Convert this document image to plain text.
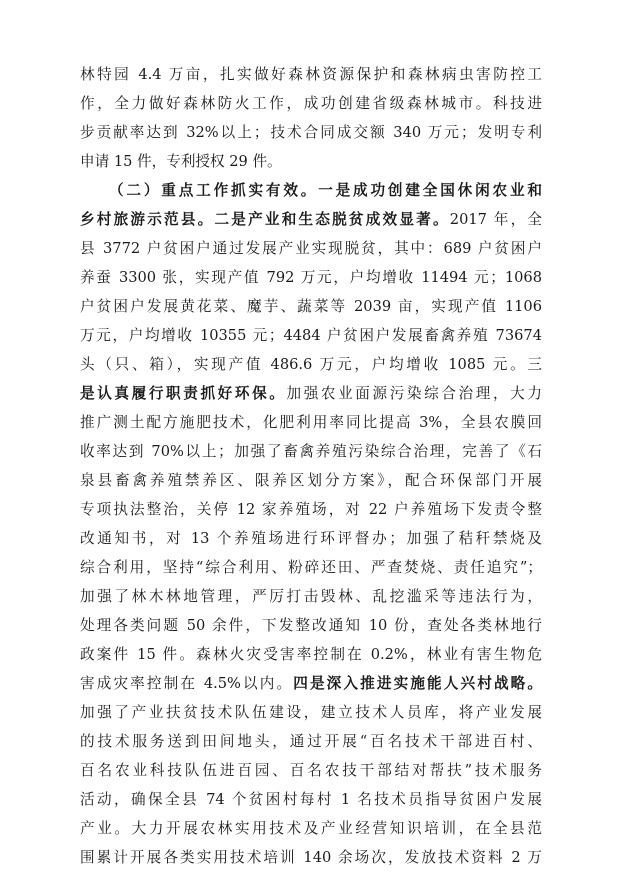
林特园 4.4 万亩，扎实做好森林资源保护和森林病虫害防控工
作，全力做好森林防火工作，成功创建省级森林城市。科技进
步贡献率达到 32%以上；技术合同成交额 340 万元；发明专利
申请 15 件，专利授权 29 件。
（二）重点工作抓实有效。一是成功创建全国休闲农业和
乡村旅游示范县。二是产业和生态脱贫成效显著。2017 年，全
县 3772 户贫困户通过发展产业实现脱贫，其中：689 户贫困户
养蚕 3300 张，实现产值 792 万元，户均增收 11494 元；1068
户贫困户发展黄花菜、魔芋、蔬菜等 2039 亩，实现产值 1106
万元，户均增收 10355 元；4484 户贫困户发展畜禽养殖 73674
头（只、箱），实现产值 486.6 万元，户均增收 1085 元。三
是认真履行职责抓好环保。加强农业面源污染综合治理，大力
推广测土配方施肥技术，化肥利用率同比提高 3%，全县农膜回
收率达到 70%以上；加强了畜禽养殖污染综合治理，完善了《石
泉县畜禽养殖禁养区、限养区划分方案》，配合环保部门开展
专项执法整治，关停 12 家养殖场，对 22 户养殖场下发责令整
改通知书，对 13 个养殖场进行环评督办；加强了秸秆禁烧及
综合利用，坚持“综合利用、粉碎还田、严查焚烧、责任追究”；
加强了林木林地管理，严厉打击毁林、乱挖滥采等违法行为，
处理各类问题 50 余件，下发整改通知 10 份，查处各类林地行
政案件 15 件。森林火灾受害率控制在 0.2%，林业有害生物危
害成灾率控制在 4.5%以内。四是深入推进实施能人兴村战略。
加强了产业扶贫技术队伍建设，建立技术人员库，将产业发展
的技术服务送到田间地头，通过开展“百名技术干部进百村、
百名农业科技队伍进百园、百名农技干部结对帮扶”技术服务
活动，确保全县 74 个贫困村每村 1 名技术员指导贫困户发展
产业。大力开展农林实用技术及产业经营知识培训，在全县范
围累计开展各类实用技术培训 140 余场次，发放技术资料 2 万
